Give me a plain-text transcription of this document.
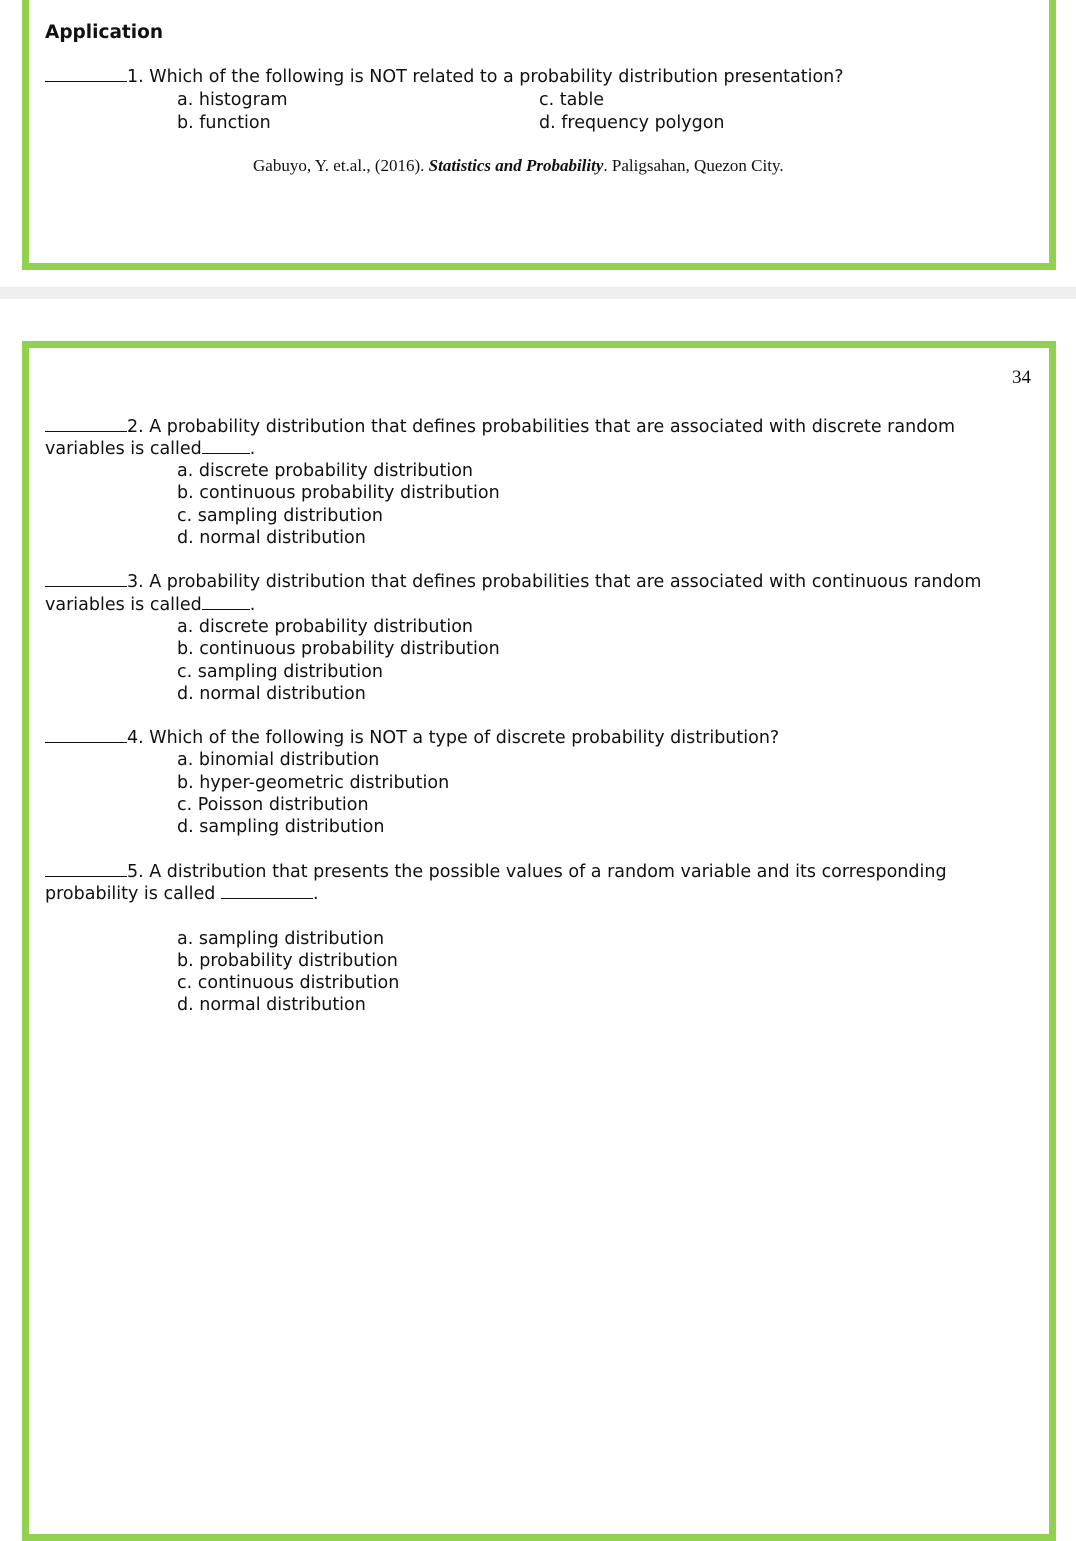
Application
1. Which of the following is NOT related to a probability distribution presentation?
a. histogram
b. function
c. table
d. frequency polygon
Gabuyo, Y. et.al., (2016). Statistics and Probability. Paligsahan, Quezon City.
34
2. A probability distribution that defines probabilities that are associated with discrete random
variables is called	.
a. discrete probability distribution
b. continuous probability distribution
c. sampling distribution
d. normal distribution
3. A probability distribution that defines probabilities that are associated with continuous random
variables is called	.
a. discrete probability distribution
b. continuous probability distribution
c. sampling distribution
d. normal distribution
4. Which of the following is NOT a type of discrete probability distribution?
a. binomial distribution
b. hyper-geometric distribution
c. Poisson distribution
d. sampling distribution
5. A distribution that presents the possible values of a random variable and its corresponding
probability is called	.
a. sampling distribution
b. probability distribution
c. continuous distribution
d. normal distribution
